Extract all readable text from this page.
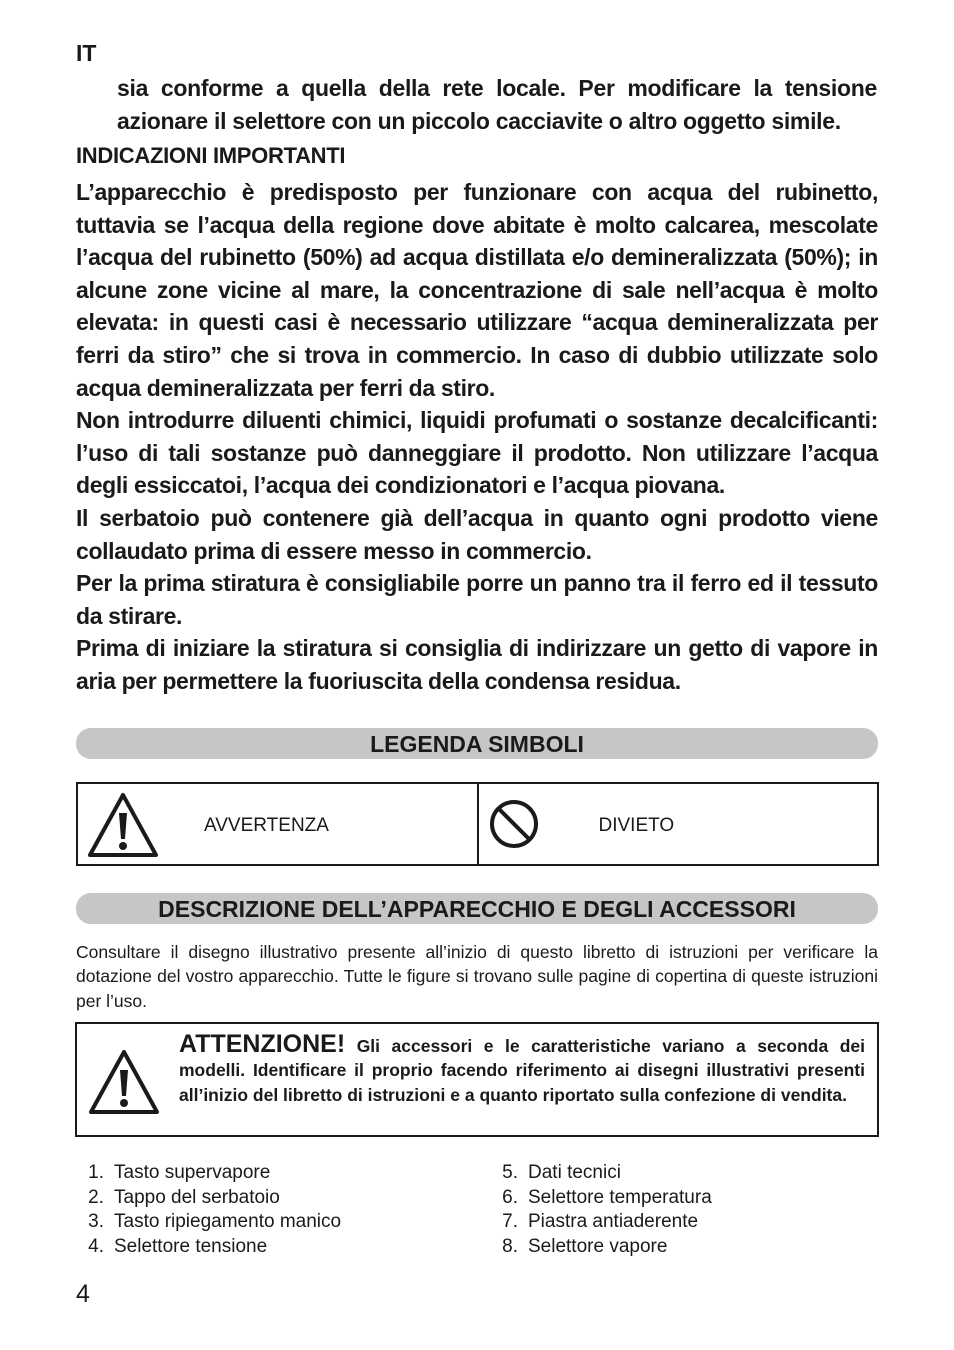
IT
sia conforme a quella della rete locale. Per modificare la tensione azionare il selettore con un piccolo cacciavite o altro oggetto simile.
INDICAZIONI IMPORTANTI

L’apparecchio è predisposto per funzionare con acqua del rubinetto, tuttavia se l’acqua della regione dove abitate è molto calcarea, mescolate l’acqua del rubinetto (50%) ad acqua distillata e/o demineralizzata (50%); in alcune zone vicine al mare, la concentrazione di sale nell’acqua è molto elevata: in questi casi è necessario utilizzare “acqua demineralizzata per ferri da stiro” che si trova in commercio. In caso di dubbio utilizzate solo acqua demineralizzata per ferri da stiro.

Non introdurre diluenti chimici, liquidi profumati o sostanze decalcificanti: l’uso di tali sostanze può danneggiare il prodotto. Non utilizzare l’acqua degli essiccatoi, l’acqua dei condizionatori e l’acqua piovana.

Il serbatoio può contenere già dell’acqua in quanto ogni prodotto viene collaudato prima di essere messo in commercio.

Per la prima stiratura è consigliabile porre un panno tra il ferro ed il tessuto da stirare.

Prima di iniziare la stiratura si consiglia di indirizzare un getto di vapore in aria per permettere la fuoriuscita della condensa residua.

LEGENDA SIMBOLI
AVVERTENZA	DIVIETO
DESCRIZIONE DELL’APPARECCHIO E DEGLI ACCESSORI
Consultare il disegno illustrativo presente all’inizio di questo libretto di istruzioni per verificare la dotazione del vostro apparecchio. Tutte le figure si trovano sulle pagine di copertina di queste istruzioni per l’uso.
ATTENZIONE! Gli accessori e le caratteristiche variano a seconda dei modelli. Identificare il proprio facendo riferimento ai disegni illustrativi presenti all’inizio del libretto di istruzioni e a quanto riportato sulla confezione di vendita.
1. Tasto supervapore
2. Tappo del serbatoio
3. Tasto ripiegamento manico
4. Selettore tensione
5. Dati tecnici
6. Selettore temperatura
7. Piastra antiaderente
8. Selettore vapore
4
